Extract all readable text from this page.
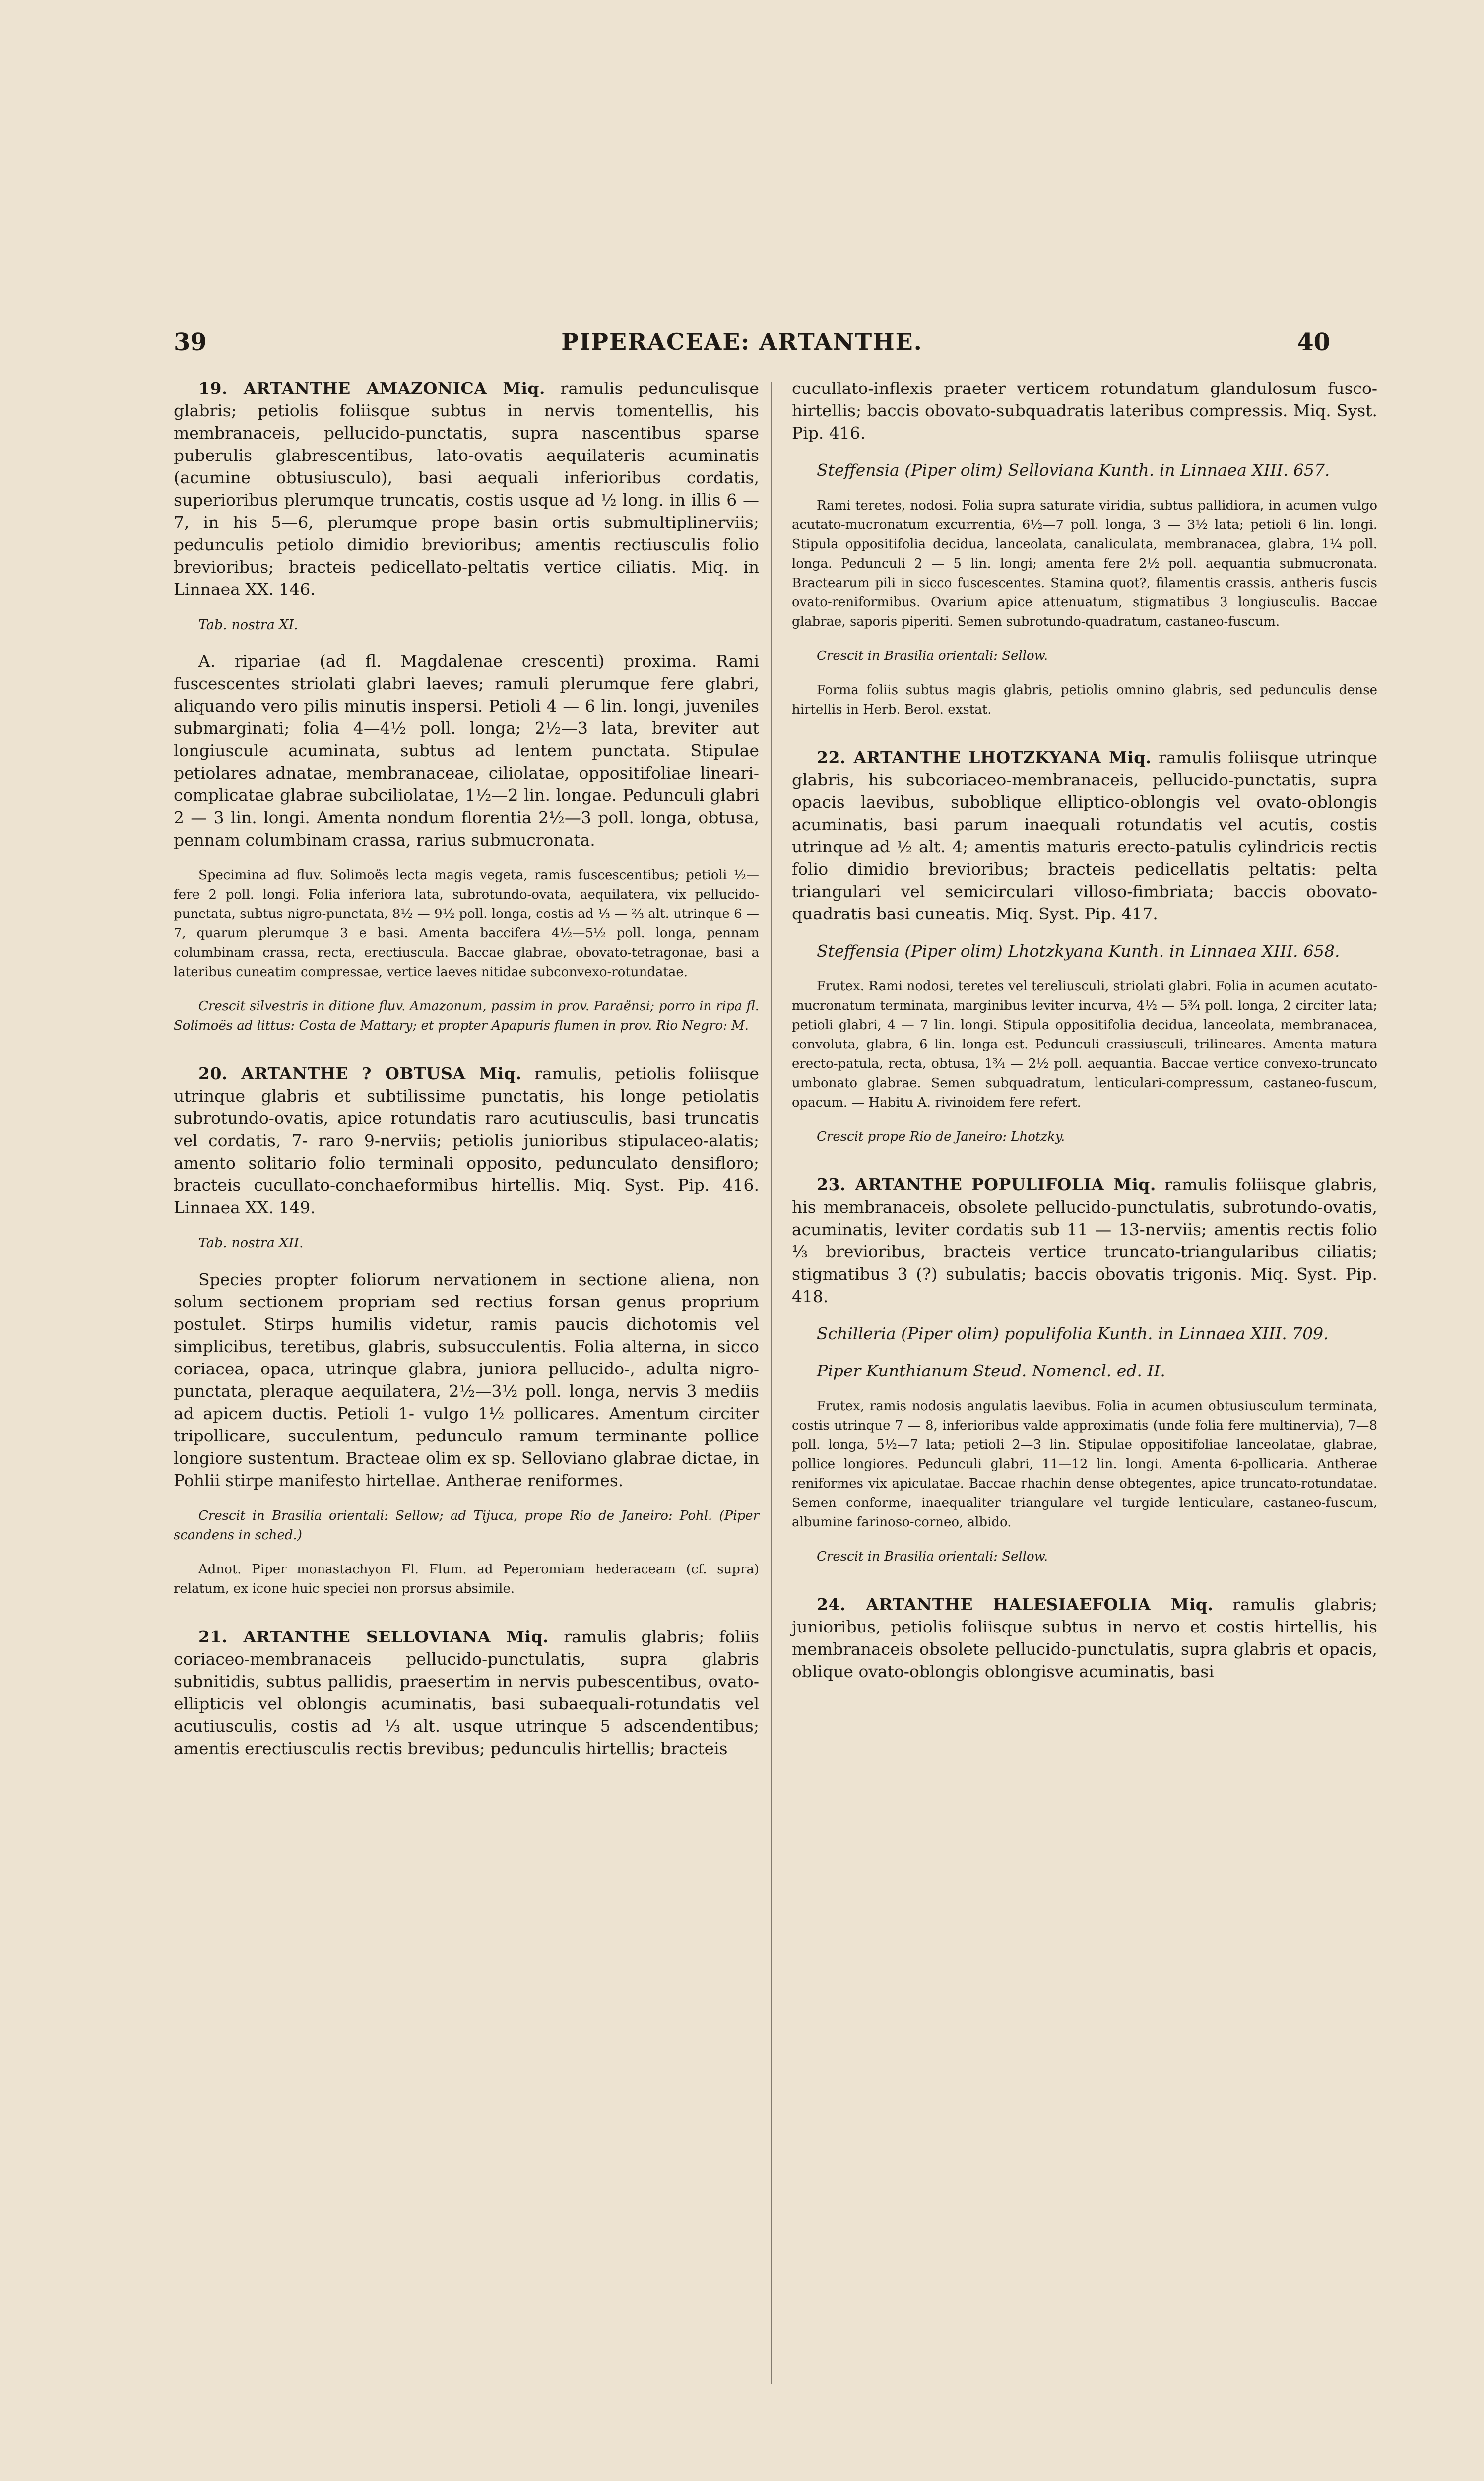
39	PIPERACEAE: ARTANTHE.	40

19. ARTANTHE AMAZONICA Miq. ramulis pedunculisque glabris; petiolis foliisque subtus in nervis tomentellis, his membranaceis, pellucido-punctatis, supra nascentibus sparse puberulis glabrescentibus, lato-ovatis aequilateris acuminatis (acumine obtusiusculo), basi aequali inferioribus cordatis, superioribus plerumque truncatis, costis usque ad ½ long. in illis 6 — 7, in his 5—6, plerumque prope basin ortis submultiplinerviis; pedunculis petiolo dimidio brevioribus; amentis rectiusculis folio brevioribus; bracteis pedicellato-peltatis vertice ciliatis. Miq. in Linnaea XX. 146.

Tab. nostra XI.

A. ripariae (ad fl. Magdalenae crescenti) proxima. Rami fuscescentes striolati glabri laeves; ramuli plerumque fere glabri, aliquando vero pilis minutis inspersi. Petioli 4 — 6 lin. longi, juveniles submarginati; folia 4—4½ poll. longa; 2½—3 lata, breviter aut longiuscule acuminata, subtus ad lentem punctata. Stipulae petiolares adnatae, membranaceae, ciliolatae, oppositifoliae lineari-complicatae glabrae subciliolatae, 1½—2 lin. longae. Pedunculi glabri 2 — 3 lin. longi. Amenta nondum florentia 2½—3 poll. longa, obtusa, pennam columbinam crassa, rarius submucronata.

Specimina ad fluv. Solimoës lecta magis vegeta, ramis fuscescentibus; petioli ½— fere 2 poll. longi. Folia inferiora lata, subrotundo-ovata, aequilatera, vix pellucido-punctata, subtus nigro-punctata, 8½ — 9½ poll. longa, costis ad ⅓ — ⅔ alt. utrinque 6 — 7, quarum plerumque 3 e basi. Amenta baccifera 4½—5½ poll. longa, pennam columbinam crassa, recta, erectiuscula. Baccae glabrae, obovato-tetragonae, basi a lateribus cuneatim compressae, vertice laeves nitidae subconvexo-rotundatae.

Crescit silvestris in ditione fluv. Amazonum, passim in prov. Paraënsi; porro in ripa fl. Solimoës ad littus: Costa de Mattary; et propter Apapuris flumen in prov. Rio Negro: M.

20. ARTANTHE ? OBTUSA Miq. ramulis, petiolis foliisque utrinque glabris et subtilissime punctatis, his longe petiolatis subrotundo-ovatis, apice rotundatis raro acutiusculis, basi truncatis vel cordatis, 7- raro 9-nerviis; petiolis junioribus stipulaceo-alatis; amento solitario folio terminali opposito, pedunculato densifloro; bracteis cucullato-conchaeformibus hirtellis. Miq. Syst. Pip. 416. Linnaea XX. 149.

Tab. nostra XII.

Species propter foliorum nervationem in sectione aliena, non solum sectionem propriam sed rectius forsan genus proprium postulet. Stirps humilis videtur, ramis paucis dichotomis vel simplicibus, teretibus, glabris, subsucculentis. Folia alterna, in sicco coriacea, opaca, utrinque glabra, juniora pellucido-, adulta nigro-punctata, pleraque aequilatera, 2½—3½ poll. longa, nervis 3 mediis ad apicem ductis. Petioli 1- vulgo 1½ pollicares. Amentum circiter tripollicare, succulentum, pedunculo ramum terminante pollice longiore sustentum. Bracteae olim ex sp. Selloviano glabrae dictae, in Pohlii stirpe manifesto hirtellae. Antherae reniformes.

Crescit in Brasilia orientali: Sellow; ad Tijuca, prope Rio de Janeiro: Pohl. (Piper scandens in sched.)

Adnot. Piper monastachyon Fl. Flum. ad Peperomiam hederaceam (cf. supra) relatum, ex icone huic speciei non prorsus absimile.

21. ARTANTHE SELLOVIANA Miq. ramulis glabris; foliis coriaceo-membranaceis pellucido-punctulatis, supra glabris subnitidis, subtus pallidis, praesertim in nervis pubescentibus, ovato-ellipticis vel oblongis acuminatis, basi subaequali-rotundatis vel acutiusculis, costis ad ⅓ alt. usque utrinque 5 adscendentibus; amentis erectiusculis rectis brevibus; pedunculis hirtellis; bracteis

cucullato-inflexis praeter verticem rotundatum glandulosum fusco-hirtellis; baccis obovato-subquadratis lateribus compressis. Miq. Syst. Pip. 416.

Steffensia (Piper olim) Selloviana Kunth. in Linnaea XIII. 657.

Rami teretes, nodosi. Folia supra saturate viridia, subtus pallidiora, in acumen vulgo acutato-mucronatum excurrentia, 6½—7 poll. longa, 3 — 3½ lata; petioli 6 lin. longi. Stipula oppositifolia decidua, lanceolata, canaliculata, membranacea, glabra, 1¼ poll. longa. Pedunculi 2 — 5 lin. longi; amenta fere 2½ poll. aequantia submucronata. Bractearum pili in sicco fuscescentes. Stamina quot?, filamentis crassis, antheris fuscis ovato-reniformibus. Ovarium apice attenuatum, stigmatibus 3 longiusculis. Baccae glabrae, saporis piperiti. Semen subrotundo-quadratum, castaneo-fuscum.

Crescit in Brasilia orientali: Sellow.

Forma foliis subtus magis glabris, petiolis omnino glabris, sed pedunculis dense hirtellis in Herb. Berol. exstat.

22. ARTANTHE LHOTZKYANA Miq. ramulis foliisque utrinque glabris, his subcoriaceo-membranaceis, pellucido-punctatis, supra opacis laevibus, suboblique elliptico-oblongis vel ovato-oblongis acuminatis, basi parum inaequali rotundatis vel acutis, costis utrinque ad ½ alt. 4; amentis maturis erecto-patulis cylindricis rectis folio dimidio brevioribus; bracteis pedicellatis peltatis: pelta triangulari vel semicirculari villoso-fimbriata; baccis obovato-quadratis basi cuneatis. Miq. Syst. Pip. 417.

Steffensia (Piper olim) Lhotzkyana Kunth. in Linnaea XIII. 658.

Frutex. Rami nodosi, teretes vel tereliusculi, striolati glabri. Folia in acumen acutato-mucronatum terminata, marginibus leviter incurva, 4½ — 5¾ poll. longa, 2 circiter lata; petioli glabri, 4 — 7 lin. longi. Stipula oppositifolia decidua, lanceolata, membranacea, convoluta, glabra, 6 lin. longa est. Pedunculi crassiusculi, trilineares. Amenta matura erecto-patula, recta, obtusa, 1¾ — 2½ poll. aequantia. Baccae vertice convexo-truncato umbonato glabrae. Semen subquadratum, lenticulari-compressum, castaneo-fuscum, opacum. — Habitu A. rivinoidem fere refert.

Crescit prope Rio de Janeiro: Lhotzky.

23. ARTANTHE POPULIFOLIA Miq. ramulis foliisque glabris, his membranaceis, obsolete pellucido-punctulatis, subrotundo-ovatis, acuminatis, leviter cordatis sub 11 — 13-nerviis; amentis rectis folio ⅓ brevioribus, bracteis vertice truncato-triangularibus ciliatis; stigmatibus 3 (?) subulatis; baccis obovatis trigonis. Miq. Syst. Pip. 418.

Schilleria (Piper olim) populifolia Kunth. in Linnaea XIII. 709.

Piper Kunthianum Steud. Nomencl. ed. II.

Frutex, ramis nodosis angulatis laevibus. Folia in acumen obtusiusculum terminata, costis utrinque 7 — 8, inferioribus valde approximatis (unde folia fere multinervia), 7—8 poll. longa, 5½—7 lata; petioli 2—3 lin. Stipulae oppositifoliae lanceolatae, glabrae, pollice longiores. Pedunculi glabri, 11—12 lin. longi. Amenta 6-pollicaria. Antherae reniformes vix apiculatae. Baccae rhachin dense obtegentes, apice truncato-rotundatae. Semen conforme, inaequaliter triangulare vel turgide lenticulare, castaneo-fuscum, albumine farinoso-corneo, albido.

Crescit in Brasilia orientali: Sellow.

24. ARTANTHE HALESIAEFOLIA Miq. ramulis glabris; junioribus, petiolis foliisque subtus in nervo et costis hirtellis, his membranaceis obsolete pellucido-punctulatis, supra glabris et opacis, oblique ovato-oblongis oblongisve acuminatis, basi
